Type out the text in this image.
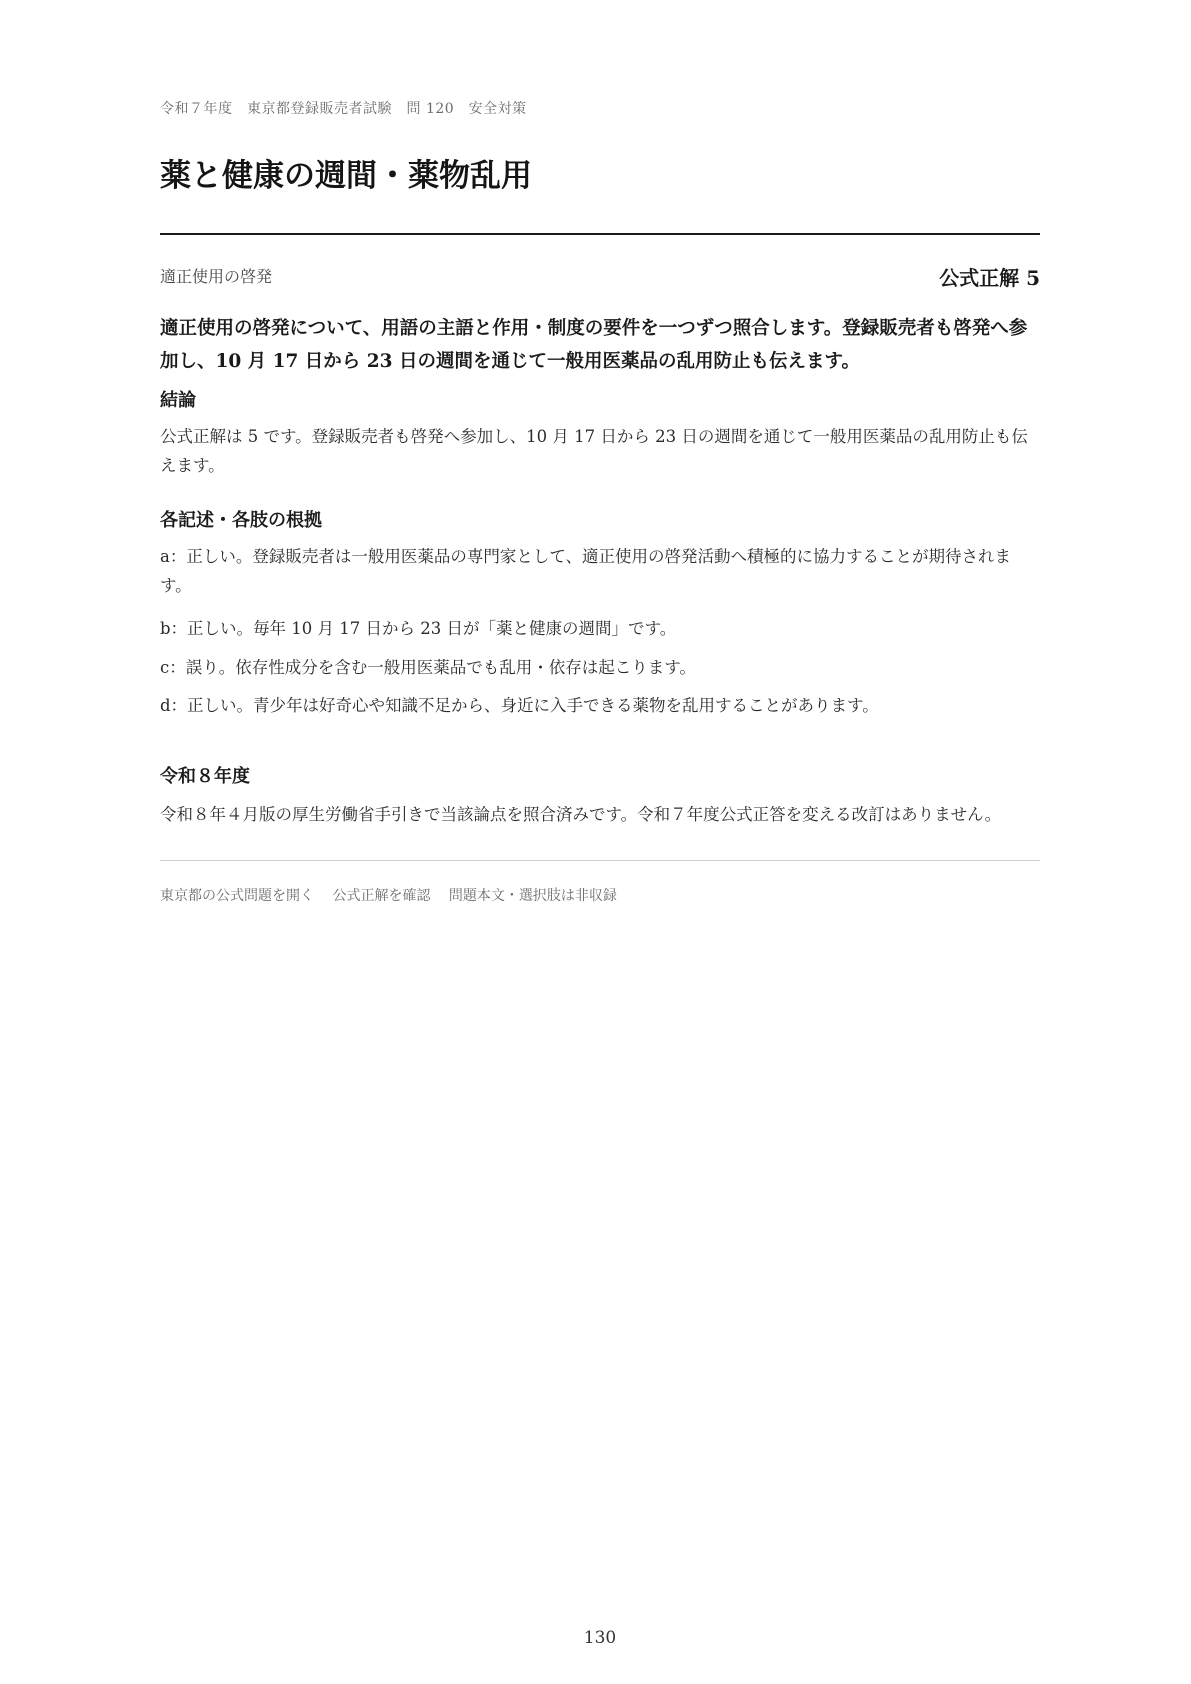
令和７年度　東京都登録販売者試験　問 120　安全対策
薬と健康の週間・薬物乱用
適正使用の啓発	公式正解 5

適正使用の啓発について、用語の主語と作用・制度の要件を一つずつ照合します。登録販売者も啓発へ参加し、10 月 17 日から 23 日の週間を通じて一般用医薬品の乱用防止も伝えます。

結論

公式正解は 5 です。登録販売者も啓発へ参加し、10 月 17 日から 23 日の週間を通じて一般用医薬品の乱用防止も伝えます。

各記述・各肢の根拠

a：正しい。登録販売者は一般用医薬品の専門家として、適正使用の啓発活動へ積極的に協力することが期待されます。

b：正しい。毎年 10 月 17 日から 23 日が「薬と健康の週間」です。

c：誤り。依存性成分を含む一般用医薬品でも乱用・依存は起こります。

d：正しい。青少年は好奇心や知識不足から、身近に入手できる薬物を乱用することがあります。

令和８年度

令和８年４月版の厚生労働省手引きで当該論点を照合済みです。令和７年度公式正答を変える改訂はありません。

東京都の公式問題を開く 公式正解を確認 問題本文・選択肢は非収録
130
